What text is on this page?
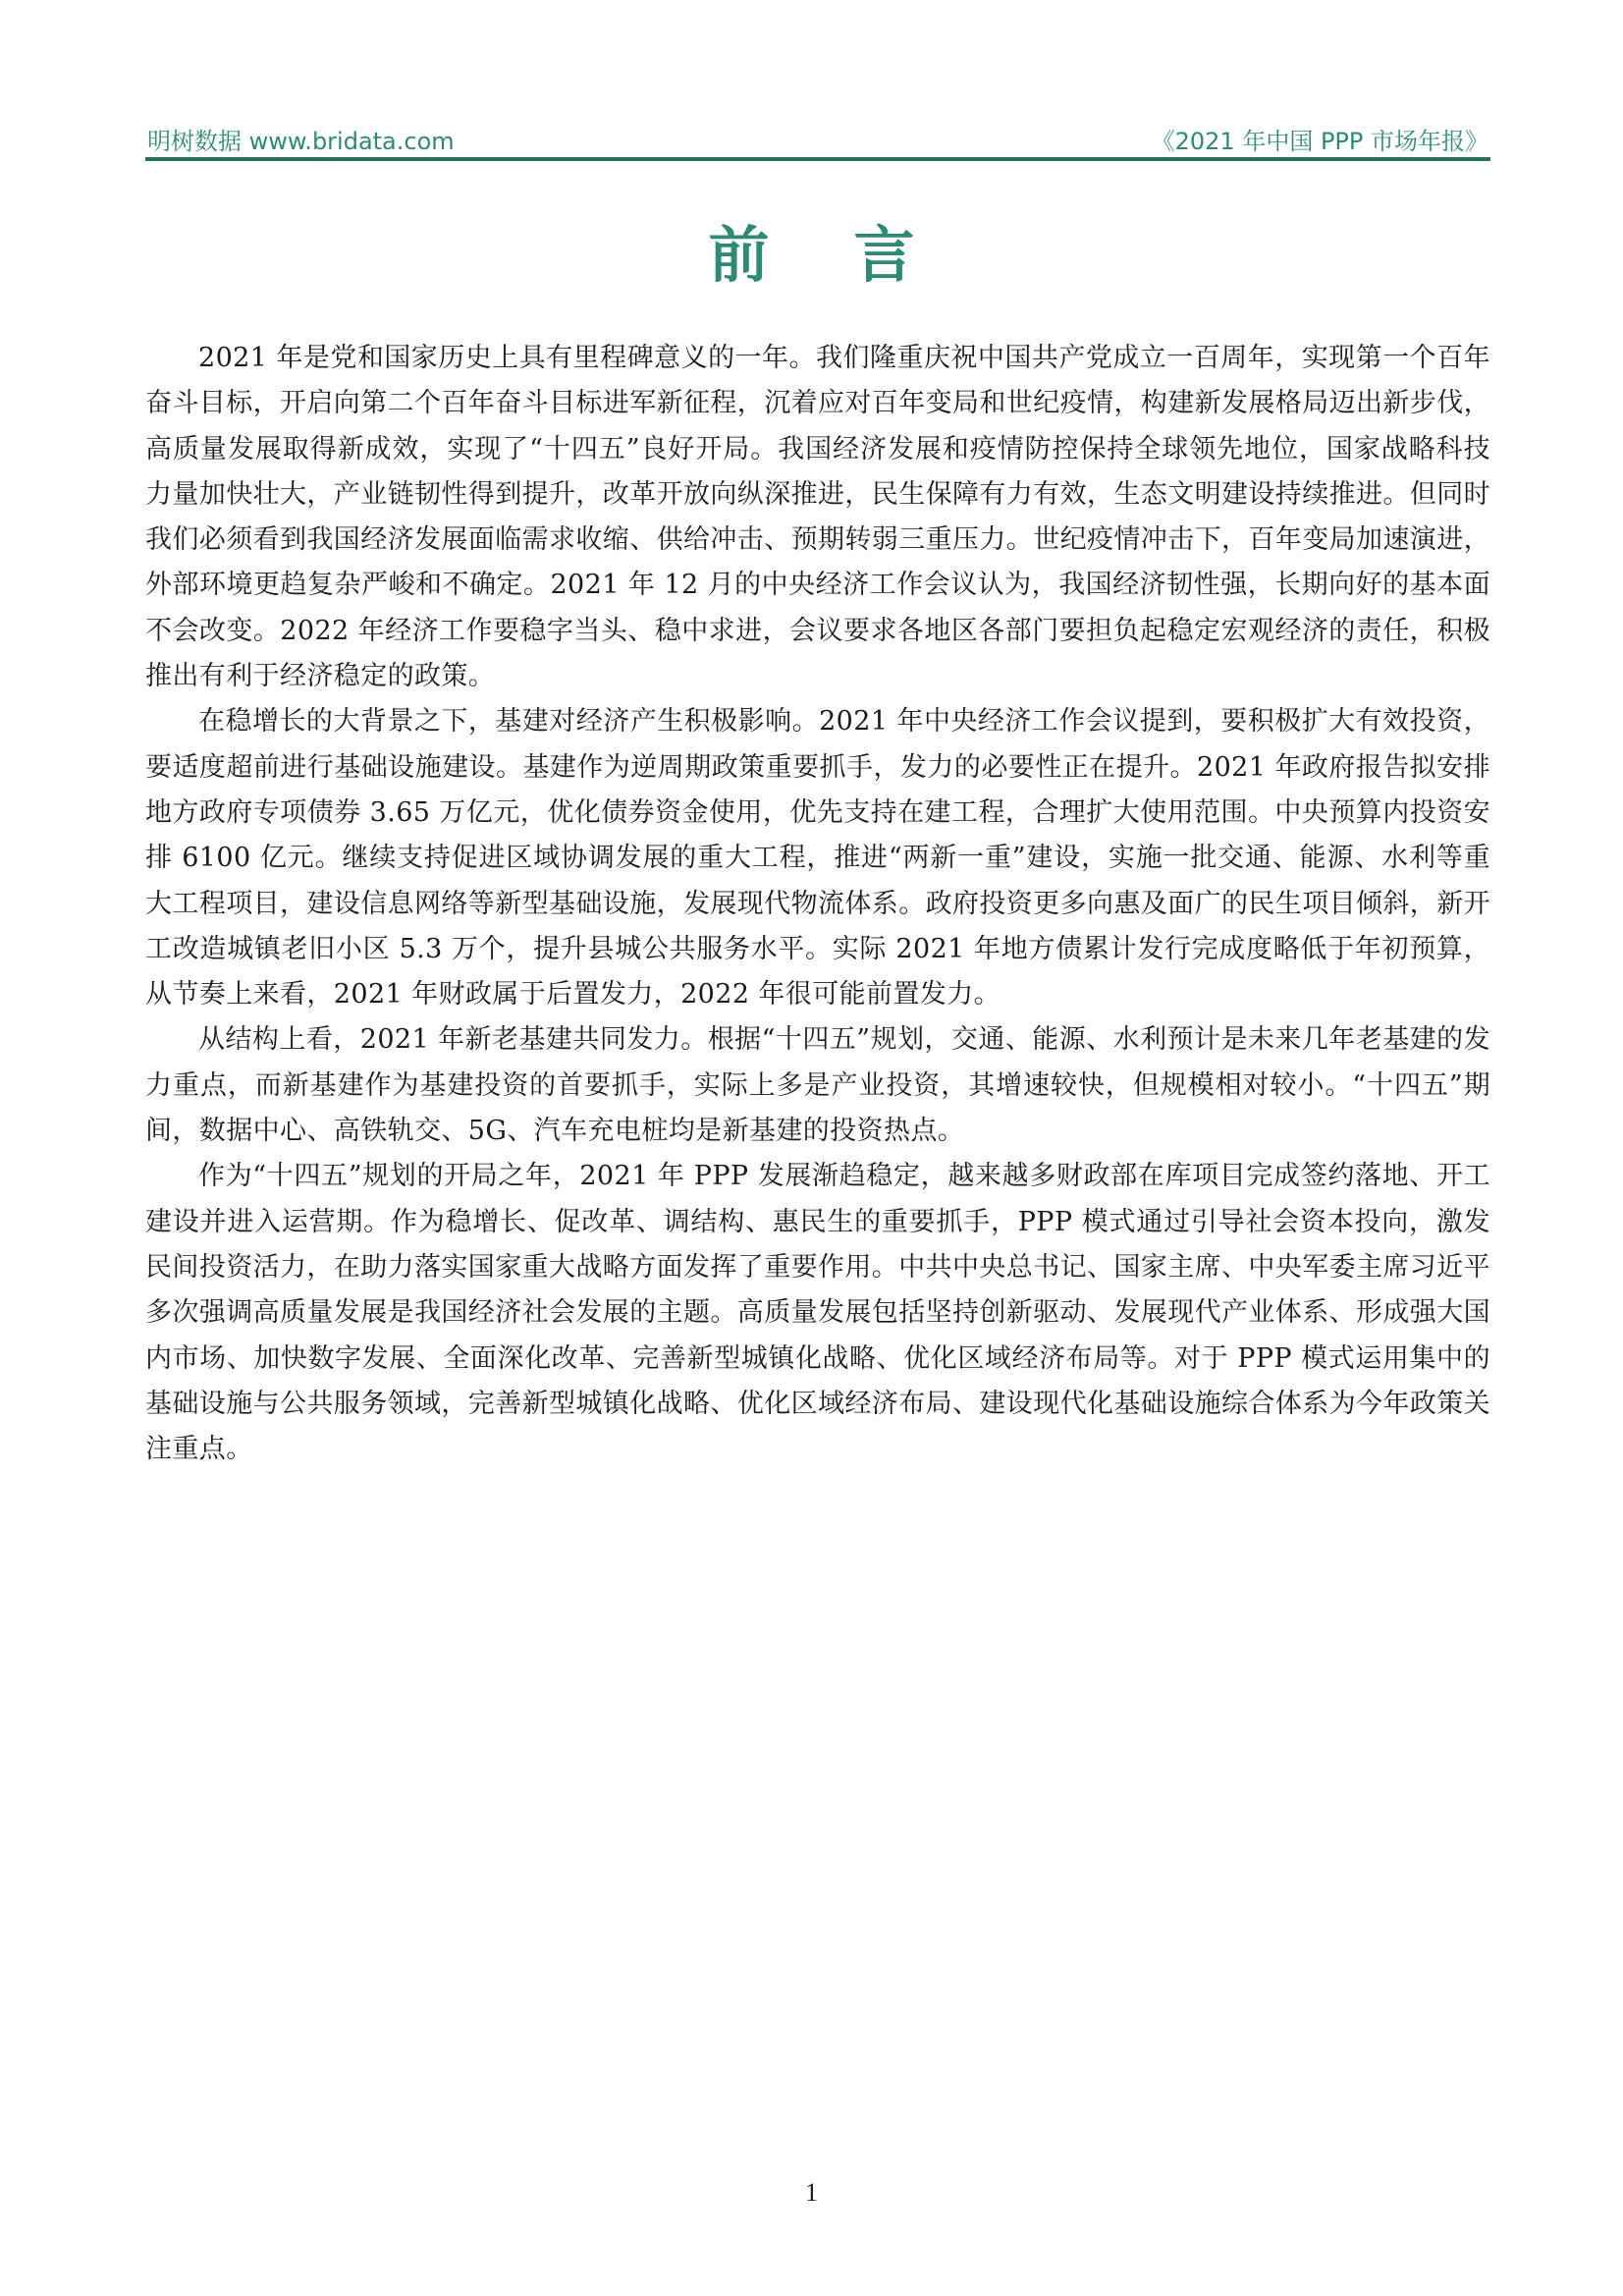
明树数据 www.bridata.com	《2021 年中国 PPP 市场年报》
前言

2021 年是党和国家历史上具有里程碑意义的一年。我们隆重庆祝中国共产党成立一百周年，实现第一个百年奋斗目标，开启向第二个百年奋斗目标进军新征程，沉着应对百年变局和世纪疫情，构建新发展格局迈出新步伐，高质量发展取得新成效，实现了“十四五”良好开局。我国经济发展和疫情防控保持全球领先地位，国家战略科技力量加快壮大，产业链韧性得到提升，改革开放向纵深推进，民生保障有力有效，生态文明建设持续推进。但同时我们必须看到我国经济发展面临需求收缩、供给冲击、预期转弱三重压力。世纪疫情冲击下，百年变局加速演进，外部环境更趋复杂严峻和不确定。2021 年 12 月的中央经济工作会议认为，我国经济韧性强，长期向好的基本面不会改变。2022 年经济工作要稳字当头、稳中求进，会议要求各地区各部门要担负起稳定宏观经济的责任，积极推出有利于经济稳定的政策。

在稳增长的大背景之下，基建对经济产生积极影响。2021 年中央经济工作会议提到，要积极扩大有效投资，要适度超前进行基础设施建设。基建作为逆周期政策重要抓手，发力的必要性正在提升。2021 年政府报告拟安排地方政府专项债券 3.65 万亿元，优化债券资金使用，优先支持在建工程，合理扩大使用范围。中央预算内投资安排 6100 亿元。继续支持促进区域协调发展的重大工程，推进“两新一重”建设，实施一批交通、能源、水利等重大工程项目，建设信息网络等新型基础设施，发展现代物流体系。政府投资更多向惠及面广的民生项目倾斜，新开工改造城镇老旧小区 5.3 万个，提升县城公共服务水平。实际 2021 年地方债累计发行完成度略低于年初预算，从节奏上来看，2021 年财政属于后置发力，2022 年很可能前置发力。

从结构上看，2021 年新老基建共同发力。根据“十四五”规划，交通、能源、水利预计是未来几年老基建的发力重点，而新基建作为基建投资的首要抓手，实际上多是产业投资，其增速较快，但规模相对较小。“十四五”期间，数据中心、高铁轨交、5G、汽车充电桩均是新基建的投资热点。

作为“十四五”规划的开局之年，2021 年 PPP 发展渐趋稳定，越来越多财政部在库项目完成签约落地、开工建设并进入运营期。作为稳增长、促改革、调结构、惠民生的重要抓手，PPP 模式通过引导社会资本投向，激发民间投资活力，在助力落实国家重大战略方面发挥了重要作用。中共中央总书记、国家主席、中央军委主席习近平多次强调高质量发展是我国经济社会发展的主题。高质量发展包括坚持创新驱动、发展现代产业体系、形成强大国内市场、加快数字发展、全面深化改革、完善新型城镇化战略、优化区域经济布局等。对于 PPP 模式运用集中的基础设施与公共服务领域，完善新型城镇化战略、优化区域经济布局、建设现代化基础设施综合体系为今年政策关注重点。

1
